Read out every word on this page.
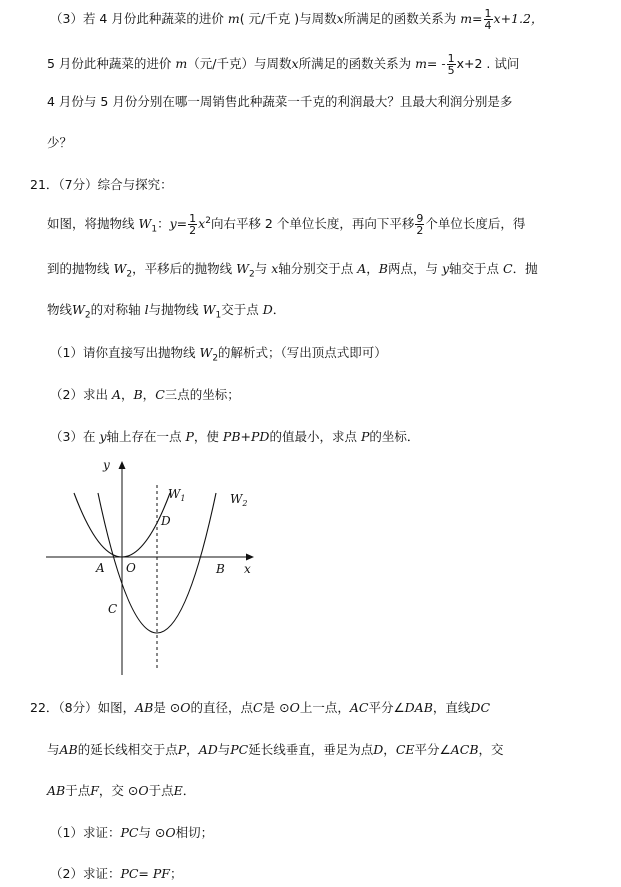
（3）若 4 月份此种蔬菜的进价 m( 元/千克 )与周数x所满足的函数关系为 $m= \frac{1}{4} x+1.2$，
5 月份此种蔬菜的进价 m（元/千克）与周数x所满足的函数关系为 $m= - \frac{1}{5} x+2$ . 试问
4 月份与 5 月份分别在哪一周销售此种蔬菜一千克的利润最大？且最大利润分别是多
少？
21．（7分）综合与探究：
如图，将抛物线 $W_1$：$y= \frac{1}{2} x^2$向右平移 2 个单位长度，再向下平移 $\frac{9}{2}$ 个单位长度后，得
到的抛物线 $W_2$，平移后的抛物线 $W_2$与 x轴分别交于点 A，B两点，与 y轴交于点 C．抛
物线$W_2$的对称轴 l与抛物线 $W_1$交于点 D．
（1）请你直接写出抛物线 $W_2$的解析式；（写出顶点式即可）
（2）求出 A，B，C三点的坐标；
（3）在 y轴上存在一点 P，使 PB+PD的值最小，求点 P的坐标．
y
x
O
A	B
C
D
$W_1$	$W_2$
22．（8分）如图，AB是 ⊙O的直径，点C是 ⊙O上一点，AC平分∠DAB，直线DC
与AB的延长线相交于点P，AD与PC延长线垂直，垂足为点D，CE平分∠ACB，交
AB于点F，交 ⊙O于点E．
（1）求证：PC与 ⊙O相切；
（2）求证：PC= PF；
